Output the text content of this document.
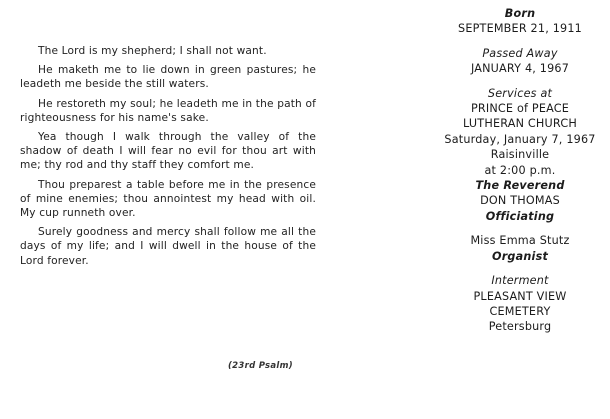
The Lord is my shepherd; I shall not want.

He maketh me to lie down in green pastures; he leadeth me beside the still waters.

He restoreth my soul; he leadeth me in the path of righteousness for his name's sake.

Yea though I walk through the valley of the shadow of death I will fear no evil for thou art with me; thy rod and thy staff they comfort me.

Thou preparest a table before me in the presence of mine enemies; thou annointest my head with oil. My cup runneth over.

Surely goodness and mercy shall follow me all the days of my life; and I will dwell in the house of the Lord forever.

(23rd Psalm)
Born
SEPTEMBER 21, 1911
Passed Away
JANUARY 4, 1967
Services at
PRINCE of PEACE
LUTHERAN CHURCH
Saturday, January 7, 1967
Raisinville
at 2:00 p.m.
The Reverend
DON THOMAS
Officiating
Miss Emma Stutz
Organist
Interment
PLEASANT VIEW
CEMETERY
Petersburg
